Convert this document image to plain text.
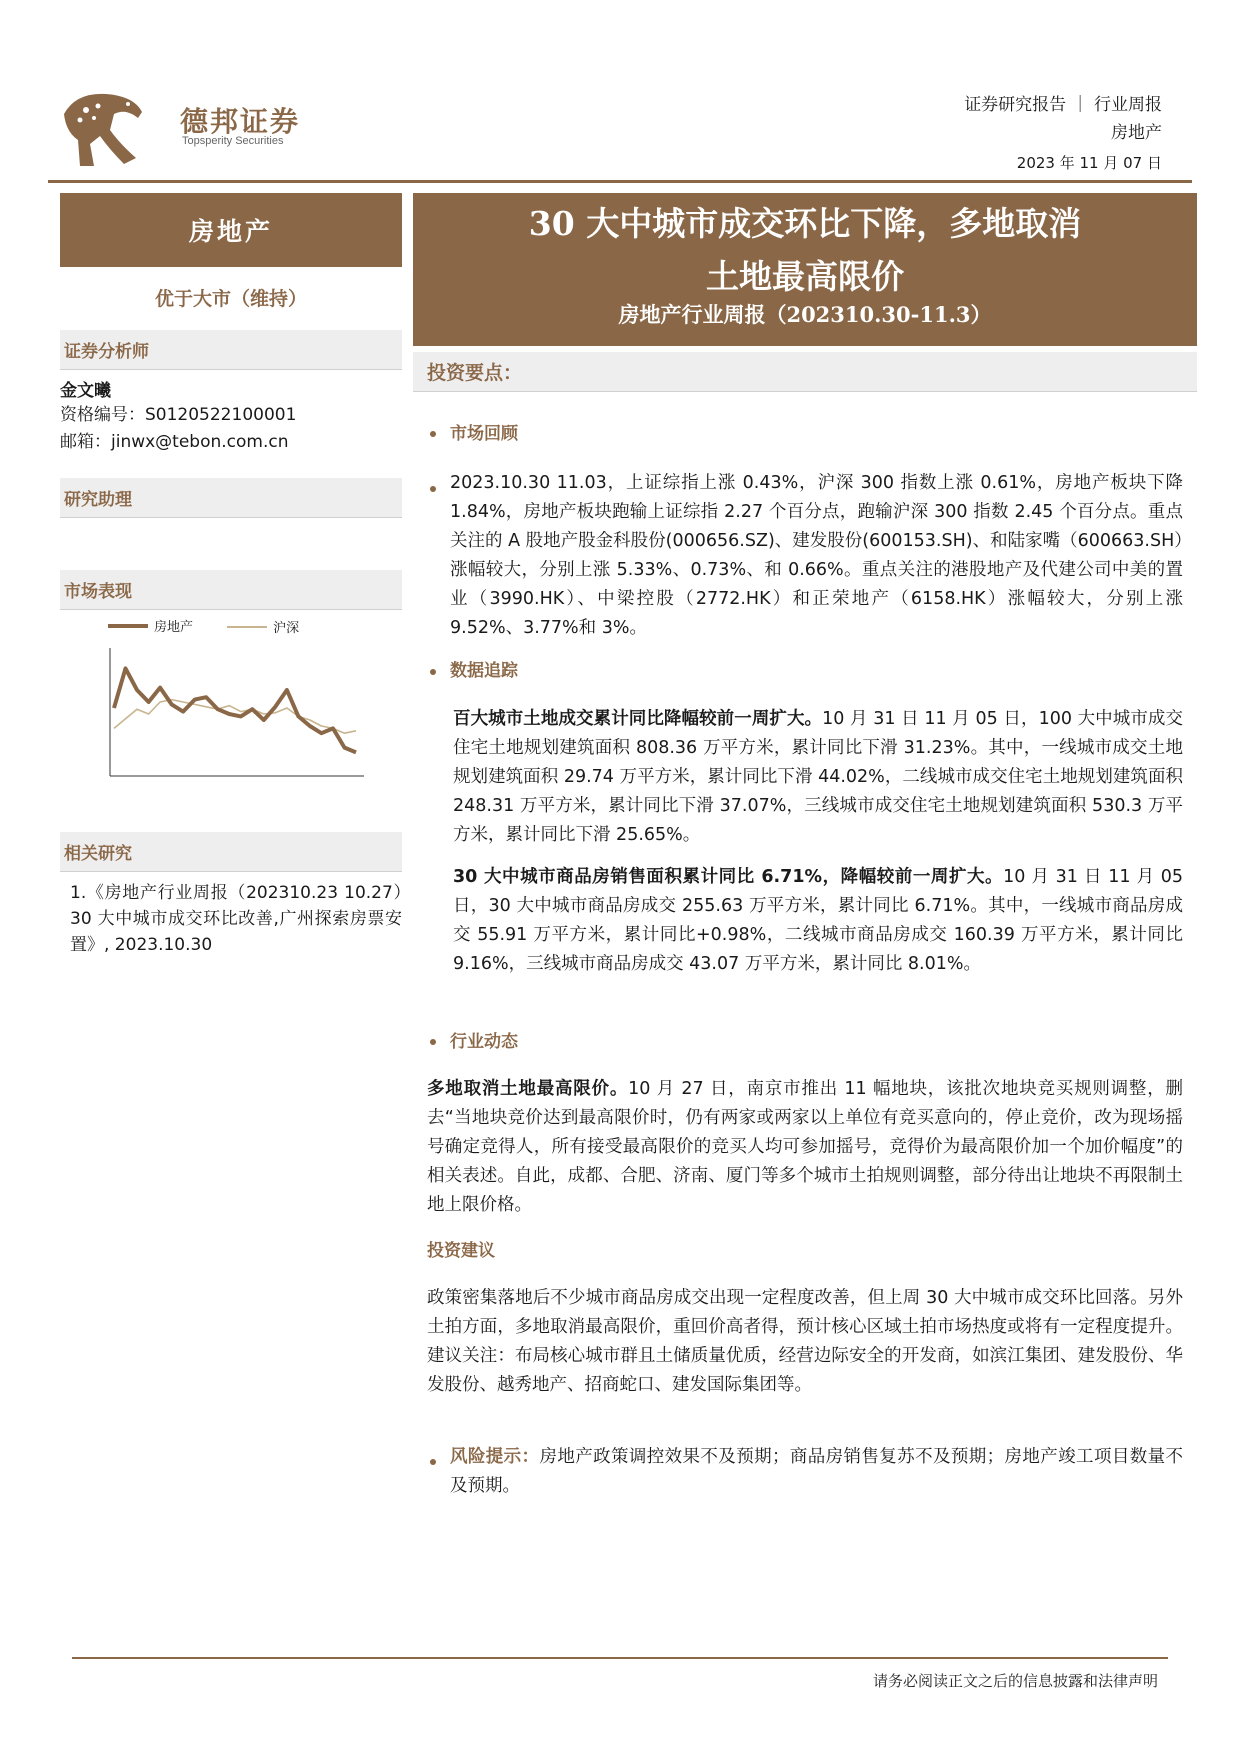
德邦证券
Topsperity Securities
证券研究报告 ｜ 行业周报
房地产
2023 年 11 月 07 日
房地产
优于大市（维持）
证券分析师
金文曦
资格编号：S0120522100001
邮箱：jinwx@tebon.com.cn
研究助理
市场表现
房地产
	沪深
相关研究
1.《房地产行业周报（202310.23 10.27）30 大中城市成交环比改善,广州探索房票安置》, 2023.10.30
30 大中城市成交环比下降，多地取消
土地最高限价
房地产行业周报（202310.30-11.3）
投资要点：
市场回顾
2023.10.30 11.03，上证综指上涨 0.43%，沪深 300 指数上涨 0.61%，房地产板块下降 1.84%，房地产板块跑输上证综指 2.27 个百分点，跑输沪深 300 指数 2.45 个百分点。重点关注的 A 股地产股金科股份(000656.SZ)、建发股份(600153.SH)、和陆家嘴（600663.SH）涨幅较大，分别上涨 5.33%、0.73%、和 0.66%。重点关注的港股地产及代建公司中美的置业（3990.HK）、中梁控股（2772.HK）和正荣地产（6158.HK）涨幅较大，分别上涨 9.52%、3.77%和 3%。
数据追踪
百大城市土地成交累计同比降幅较前一周扩大。10 月 31 日 11 月 05 日，100 大中城市成交住宅土地规划建筑面积 808.36 万平方米，累计同比下滑 31.23%。其中，一线城市成交土地规划建筑面积 29.74 万平方米，累计同比下滑 44.02%，二线城市成交住宅土地规划建筑面积 248.31 万平方米，累计同比下滑 37.07%，三线城市成交住宅土地规划建筑面积 530.3 万平方米，累计同比下滑 25.65%。
30 大中城市商品房销售面积累计同比 6.71%，降幅较前一周扩大。10 月 31 日 11 月 05 日，30 大中城市商品房成交 255.63 万平方米，累计同比 6.71%。其中，一线城市商品房成交 55.91 万平方米，累计同比+0.98%，二线城市商品房成交 160.39 万平方米，累计同比 9.16%，三线城市商品房成交 43.07 万平方米，累计同比 8.01%。
行业动态
多地取消土地最高限价。10 月 27 日，南京市推出 11 幅地块，该批次地块竞买规则调整，删去“当地块竞价达到最高限价时，仍有两家或两家以上单位有竞买意向的，停止竞价，改为现场摇号确定竞得人，所有接受最高限价的竞买人均可参加摇号，竞得价为最高限价加一个加价幅度”的相关表述。自此，成都、合肥、济南、厦门等多个城市土拍规则调整，部分待出让地块不再限制土地上限价格。
投资建议
政策密集落地后不少城市商品房成交出现一定程度改善，但上周 30 大中城市成交环比回落。另外土拍方面，多地取消最高限价，重回价高者得，预计核心区域土拍市场热度或将有一定程度提升。建议关注：布局核心城市群且土储质量优质，经营边际安全的开发商，如滨江集团、建发股份、华发股份、越秀地产、招商蛇口、建发国际集团等。
风险提示：房地产政策调控效果不及预期；商品房销售复苏不及预期；房地产竣工项目数量不及预期。
请务必阅读正文之后的信息披露和法律声明
